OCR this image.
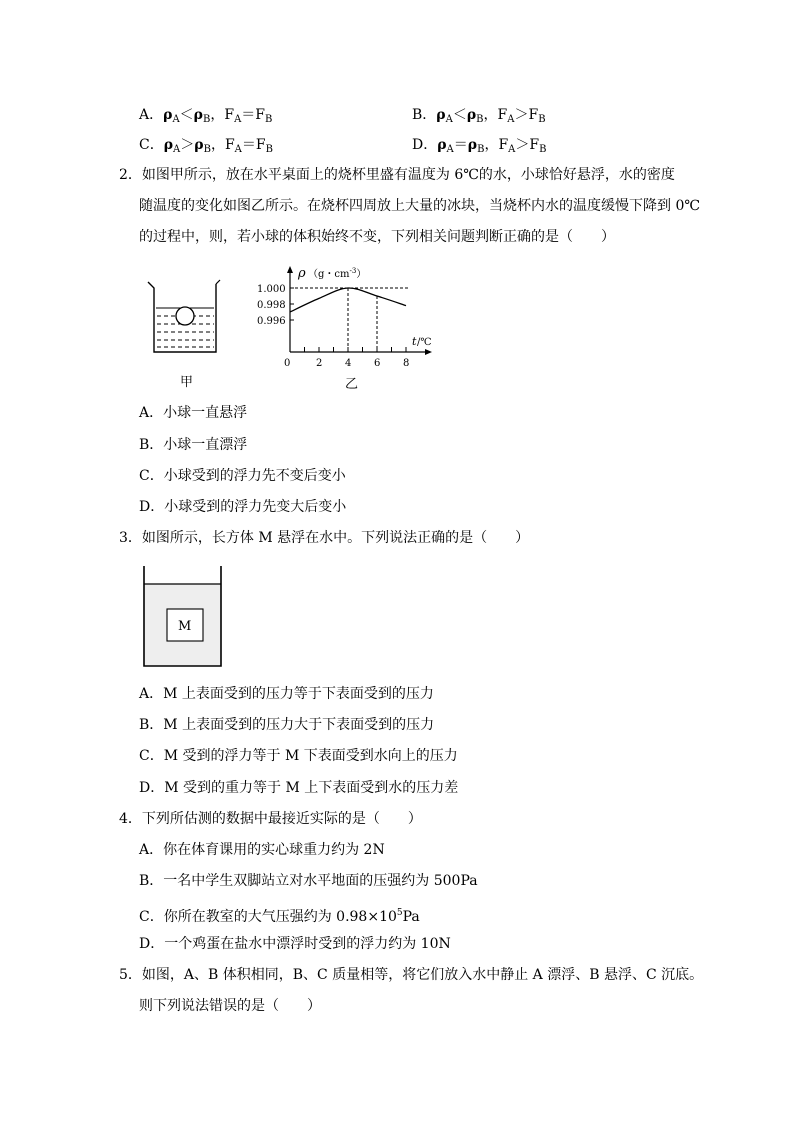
A．$\rho_A<\rho_B$，$F_A=F_B$	B．$\rho_A<\rho_B$，$F_A>F_B$
C．$\rho_A>\rho_B$，$F_A=F_B$	D．$\rho_A=\rho_B$，$F_A>F_B$
2．如图甲所示，放在水平桌面上的烧杯里盛有温度为 6℃的水，小球恰好悬浮，水的密度
随温度的变化如图乙所示。在烧杯四周放上大量的冰块，当烧杯内水的温度缓慢下降到 0℃
的过程中，则，若小球的体积始终不变，下列相关问题判断正确的是（　　）
甲
ρ （g・$cm^{-3}$）
t /℃
0
1.000
0.998
0.996
2 4 6 8
乙
A．小球一直悬浮
B．小球一直漂浮
C．小球受到的浮力先不变后变小
D．小球受到的浮力先变大后变小
3．如图所示，长方体 M 悬浮在水中。下列说法正确的是（　　）
M
A．M 上表面受到的压力等于下表面受到的压力
B．M 上表面受到的压力大于下表面受到的压力
C．M 受到的浮力等于 M 下表面受到水向上的压力
D．M 受到的重力等于 M 上下表面受到水的压力差
4．下列所估测的数据中最接近实际的是（　　）
A．你在体育课用的实心球重力约为 2N
B．一名中学生双脚站立对水平地面的压强约为 500Pa
C．你所在教室的大气压强约为 $0.98\times 10^5Pa$
D．一个鸡蛋在盐水中漂浮时受到的浮力约为 10N
5．如图，A、B 体积相同，B、C 质量相等，将它们放入水中静止 A 漂浮、B 悬浮、C 沉底。
则下列说法错误的是（　　）
